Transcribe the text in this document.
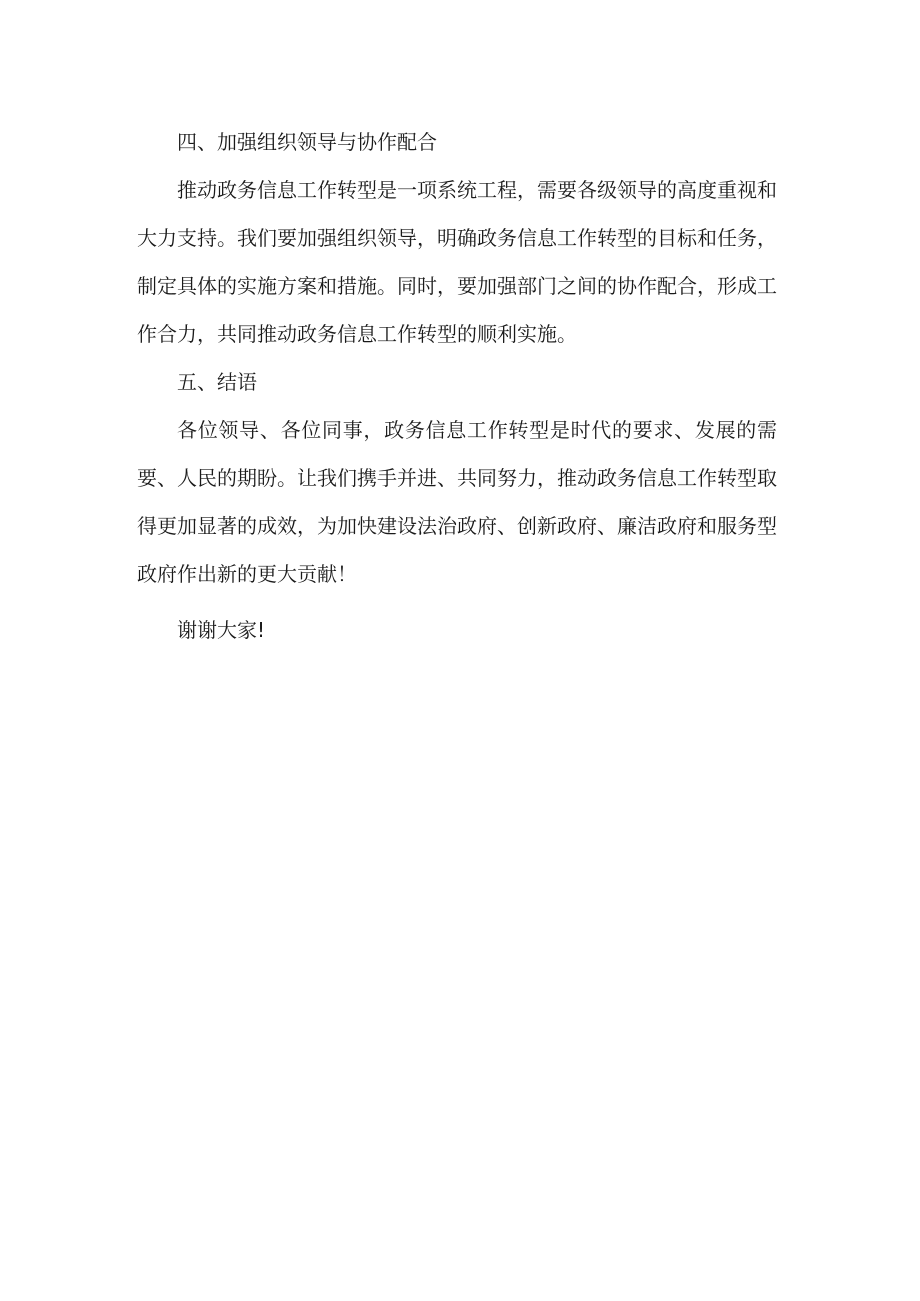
四、加强组织领导与协作配合

推动政务信息工作转型是一项系统工程，需要各级领导的高度重视和大力支持。我们要加强组织领导，明确政务信息工作转型的目标和任务，制定具体的实施方案和措施。同时，要加强部门之间的协作配合，形成工作合力，共同推动政务信息工作转型的顺利实施。

五、结语

各位领导、各位同事，政务信息工作转型是时代的要求、发展的需要、人民的期盼。让我们携手并进、共同努力，推动政务信息工作转型取得更加显著的成效，为加快建设法治政府、创新政府、廉洁政府和服务型政府作出新的更大贡献！

谢谢大家!
